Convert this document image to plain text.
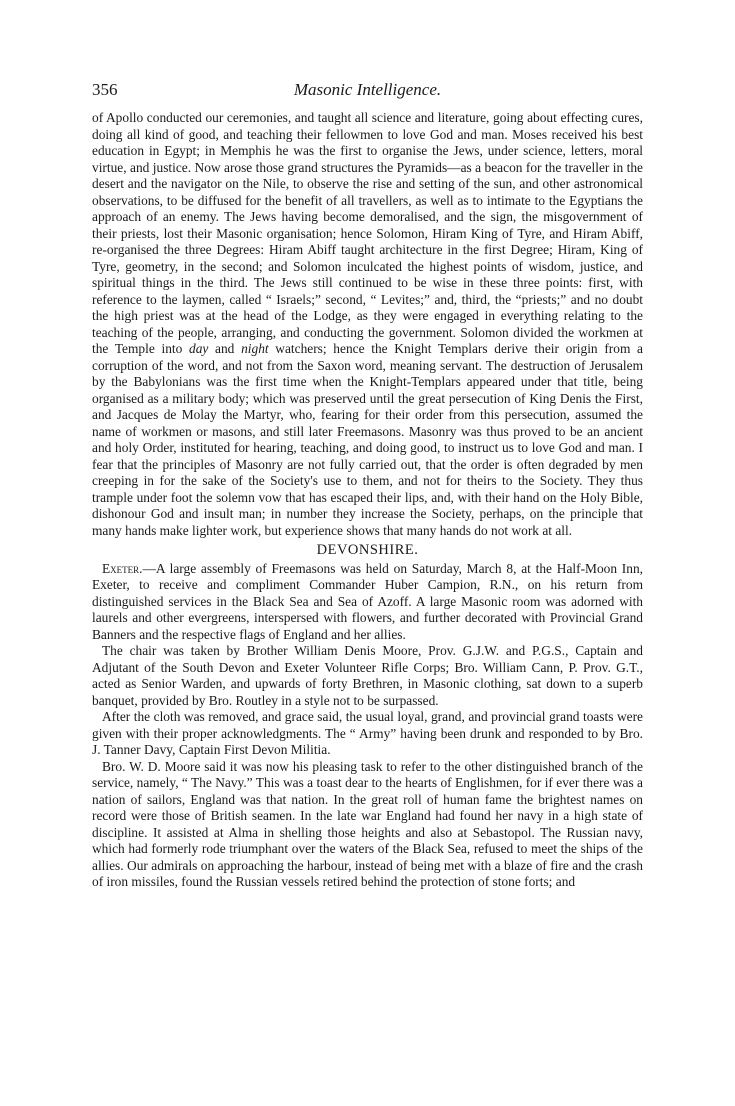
356	Masonic Intelligence.

of Apollo conducted our ceremonies, and taught all science and literature, going about effecting cures, doing all kind of good, and teaching their fellowmen to love God and man. Moses received his best education in Egypt; in Memphis he was the first to organise the Jews, under science, letters, moral virtue, and justice. Now arose those grand structures the Pyramids—as a beacon for the traveller in the desert and the navigator on the Nile, to observe the rise and setting of the sun, and other astronomical observations, to be diffused for the benefit of all travellers, as well as to intimate to the Egyptians the approach of an enemy. The Jews having become demoralised, and the sign, the misgovernment of their priests, lost their Masonic organisation; hence Solomon, Hiram King of Tyre, and Hiram Abiff, re-organised the three Degrees: Hiram Abiff taught architecture in the first Degree; Hiram, King of Tyre, geometry, in the second; and Solomon inculcated the highest points of wisdom, justice, and spiritual things in the third. The Jews still continued to be wise in these three points: first, with reference to the laymen, called “ Israels;” second, “ Levites;” and, third, the “priests;” and no doubt the high priest was at the head of the Lodge, as they were engaged in everything relating to the teaching of the people, arranging, and conducting the government. Solomon divided the workmen at the Temple into day and night watchers; hence the Knight Templars derive their origin from a corruption of the word, and not from the Saxon word, meaning servant. The destruction of Jerusalem by the Babylonians was the first time when the Knight-Templars appeared under that title, being organised as a military body; which was preserved until the great persecution of King Denis the First, and Jacques de Molay the Martyr, who, fearing for their order from this persecution, assumed the name of workmen or masons, and still later Freemasons. Masonry was thus proved to be an ancient and holy Order, instituted for hearing, teaching, and doing good, to instruct us to love God and man. I fear that the principles of Masonry are not fully carried out, that the order is often degraded by men creeping in for the sake of the Society's use to them, and not for theirs to the Society. They thus trample under foot the solemn vow that has escaped their lips, and, with their hand on the Holy Bible, dishonour God and insult man; in number they increase the Society, perhaps, on the principle that many hands make lighter work, but experience shows that many hands do not work at all.

DEVONSHIRE.

Exeter.—A large assembly of Freemasons was held on Saturday, March 8, at the Half-Moon Inn, Exeter, to receive and compliment Commander Huber Campion, R.N., on his return from distinguished services in the Black Sea and Sea of Azoff. A large Masonic room was adorned with laurels and other evergreens, interspersed with flowers, and further decorated with Provincial Grand Banners and the respective flags of England and her allies.

The chair was taken by Brother William Denis Moore, Prov. G.J.W. and P.G.S., Captain and Adjutant of the South Devon and Exeter Volunteer Rifle Corps; Bro. William Cann, P. Prov. G.T., acted as Senior Warden, and upwards of forty Brethren, in Masonic clothing, sat down to a superb banquet, provided by Bro. Routley in a style not to be surpassed.

After the cloth was removed, and grace said, the usual loyal, grand, and provincial grand toasts were given with their proper acknowledgments. The “ Army” having been drunk and responded to by Bro. J. Tanner Davy, Captain First Devon Militia.

Bro. W. D. Moore said it was now his pleasing task to refer to the other distinguished branch of the service, namely, “ The Navy.” This was a toast dear to the hearts of Englishmen, for if ever there was a nation of sailors, England was that nation. In the great roll of human fame the brightest names on record were those of British seamen. In the late war England had found her navy in a high state of discipline. It assisted at Alma in shelling those heights and also at Sebastopol. The Russian navy, which had formerly rode triumphant over the waters of the Black Sea, refused to meet the ships of the allies. Our admirals on approaching the harbour, instead of being met with a blaze of fire and the crash of iron missiles, found the Russian vessels retired behind the protection of stone forts; and
